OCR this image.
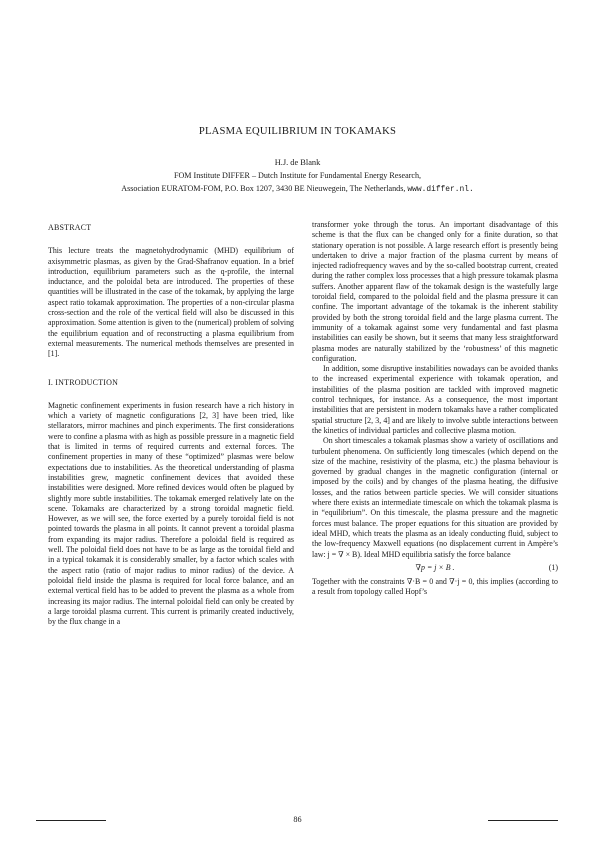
PLASMA EQUILIBRIUM IN TOKAMAKS
H.J. de Blank
FOM Institute DIFFER – Dutch Institute for Fundamental Energy Research,
Association EURATOM-FOM, P.O. Box 1207, 3430 BE Nieuwegein, The Netherlands, www.differ.nl.
ABSTRACT

This lecture treats the magnetohydrodynamic (MHD) equilibrium of axisymmetric plasmas, as given by the Grad-Shafranov equation. In a brief introduction, equilibrium parameters such as the q-profile, the internal inductance, and the poloidal beta are introduced. The properties of these quantities will be illustrated in the case of the tokamak, by applying the large aspect ratio tokamak approximation. The properties of a non-circular plasma cross-section and the role of the vertical field will also be discussed in this approximation. Some attention is given to the (numerical) problem of solving the equilibrium equation and of reconstructing a plasma equilibrium from external measurements. The numerical methods themselves are presented in [1].

I. INTRODUCTION

Magnetic confinement experiments in fusion research have a rich history in which a variety of magnetic configurations [2, 3] have been tried, like stellarators, mirror machines and pinch experiments. The first considerations were to confine a plasma with as high as possible pressure in a magnetic field that is limited in terms of required currents and external forces. The confinement properties in many of these “optimized” plasmas were below expectations due to instabilities. As the theoretical understanding of plasma instabilities grew, magnetic confinement devices that avoided these instabilities were designed. More refined devices would often be plagued by slightly more subtle instabilities. The tokamak emerged relatively late on the scene. Tokamaks are characterized by a strong toroidal magnetic field. However, as we will see, the force exerted by a purely toroidal field is not pointed towards the plasma in all points. It cannot prevent a toroidal plasma from expanding its major radius. Therefore a poloidal field is required as well. The poloidal field does not have to be as large as the toroidal field and in a typical tokamak it is considerably smaller, by a factor which scales with the aspect ratio (ratio of major radius to minor radius) of the device. A poloidal field inside the plasma is required for local force balance, and an external vertical field has to be added to prevent the plasma as a whole from increasing its major radius. The internal poloidal field can only be created by a large toroidal plasma current. This current is primarily created inductively, by the flux change in a

transformer yoke through the torus. An important disadvantage of this scheme is that the flux can be changed only for a finite duration, so that stationary operation is not possible. A large research effort is presently being undertaken to drive a major fraction of the plasma current by means of injected radiofrequency waves and by the so-called bootstrap current, created during the rather complex loss processes that a high pressure tokamak plasma suffers. Another apparent flaw of the tokamak design is the wastefully large toroidal field, compared to the poloidal field and the plasma pressure it can confine. The important advantage of the tokamak is the inherent stability provided by both the strong toroidal field and the large plasma current. The immunity of a tokamak against some very fundamental and fast plasma instabilities can easily be shown, but it seems that many less straightforward plasma modes are naturally stabilized by the ‘robustness’ of this magnetic configuration.

In addition, some disruptive instabilities nowadays can be avoided thanks to the increased experimental experience with tokamak operation, and instabilities of the plasma position are tackled with improved magnetic control techniques, for instance. As a consequence, the most important instabilities that are persistent in modern tokamaks have a rather complicated spatial structure [2, 3, 4] and are likely to involve subtle interactions between the kinetics of individual particles and collective plasma motion.

On short timescales a tokamak plasmas show a variety of oscillations and turbulent phenomena. On sufficiently long timescales (which depend on the size of the machine, resistivity of the plasma, etc.) the plasma behaviour is governed by gradual changes in the magnetic configuration (internal or imposed by the coils) and by changes of the plasma heating, the diffusive losses, and the ratios between particle species. We will consider situations where there exists an intermediate timescale on which the tokamak plasma is in “equilibrium”. On this timescale, the plasma pressure and the magnetic forces must balance. The proper equations for this situation are provided by ideal MHD, which treats the plasma as an idealy conducting fluid, subject to the low-frequency Maxwell equations (no displacement current in Ampère’s law: j = ∇ × B). Ideal MHD equilibria satisfy the force balance

∇p = j × B .	(1)

Together with the constraints ∇·B = 0 and ∇·j = 0, this implies (according to a result from topology called Hopf’s

86
